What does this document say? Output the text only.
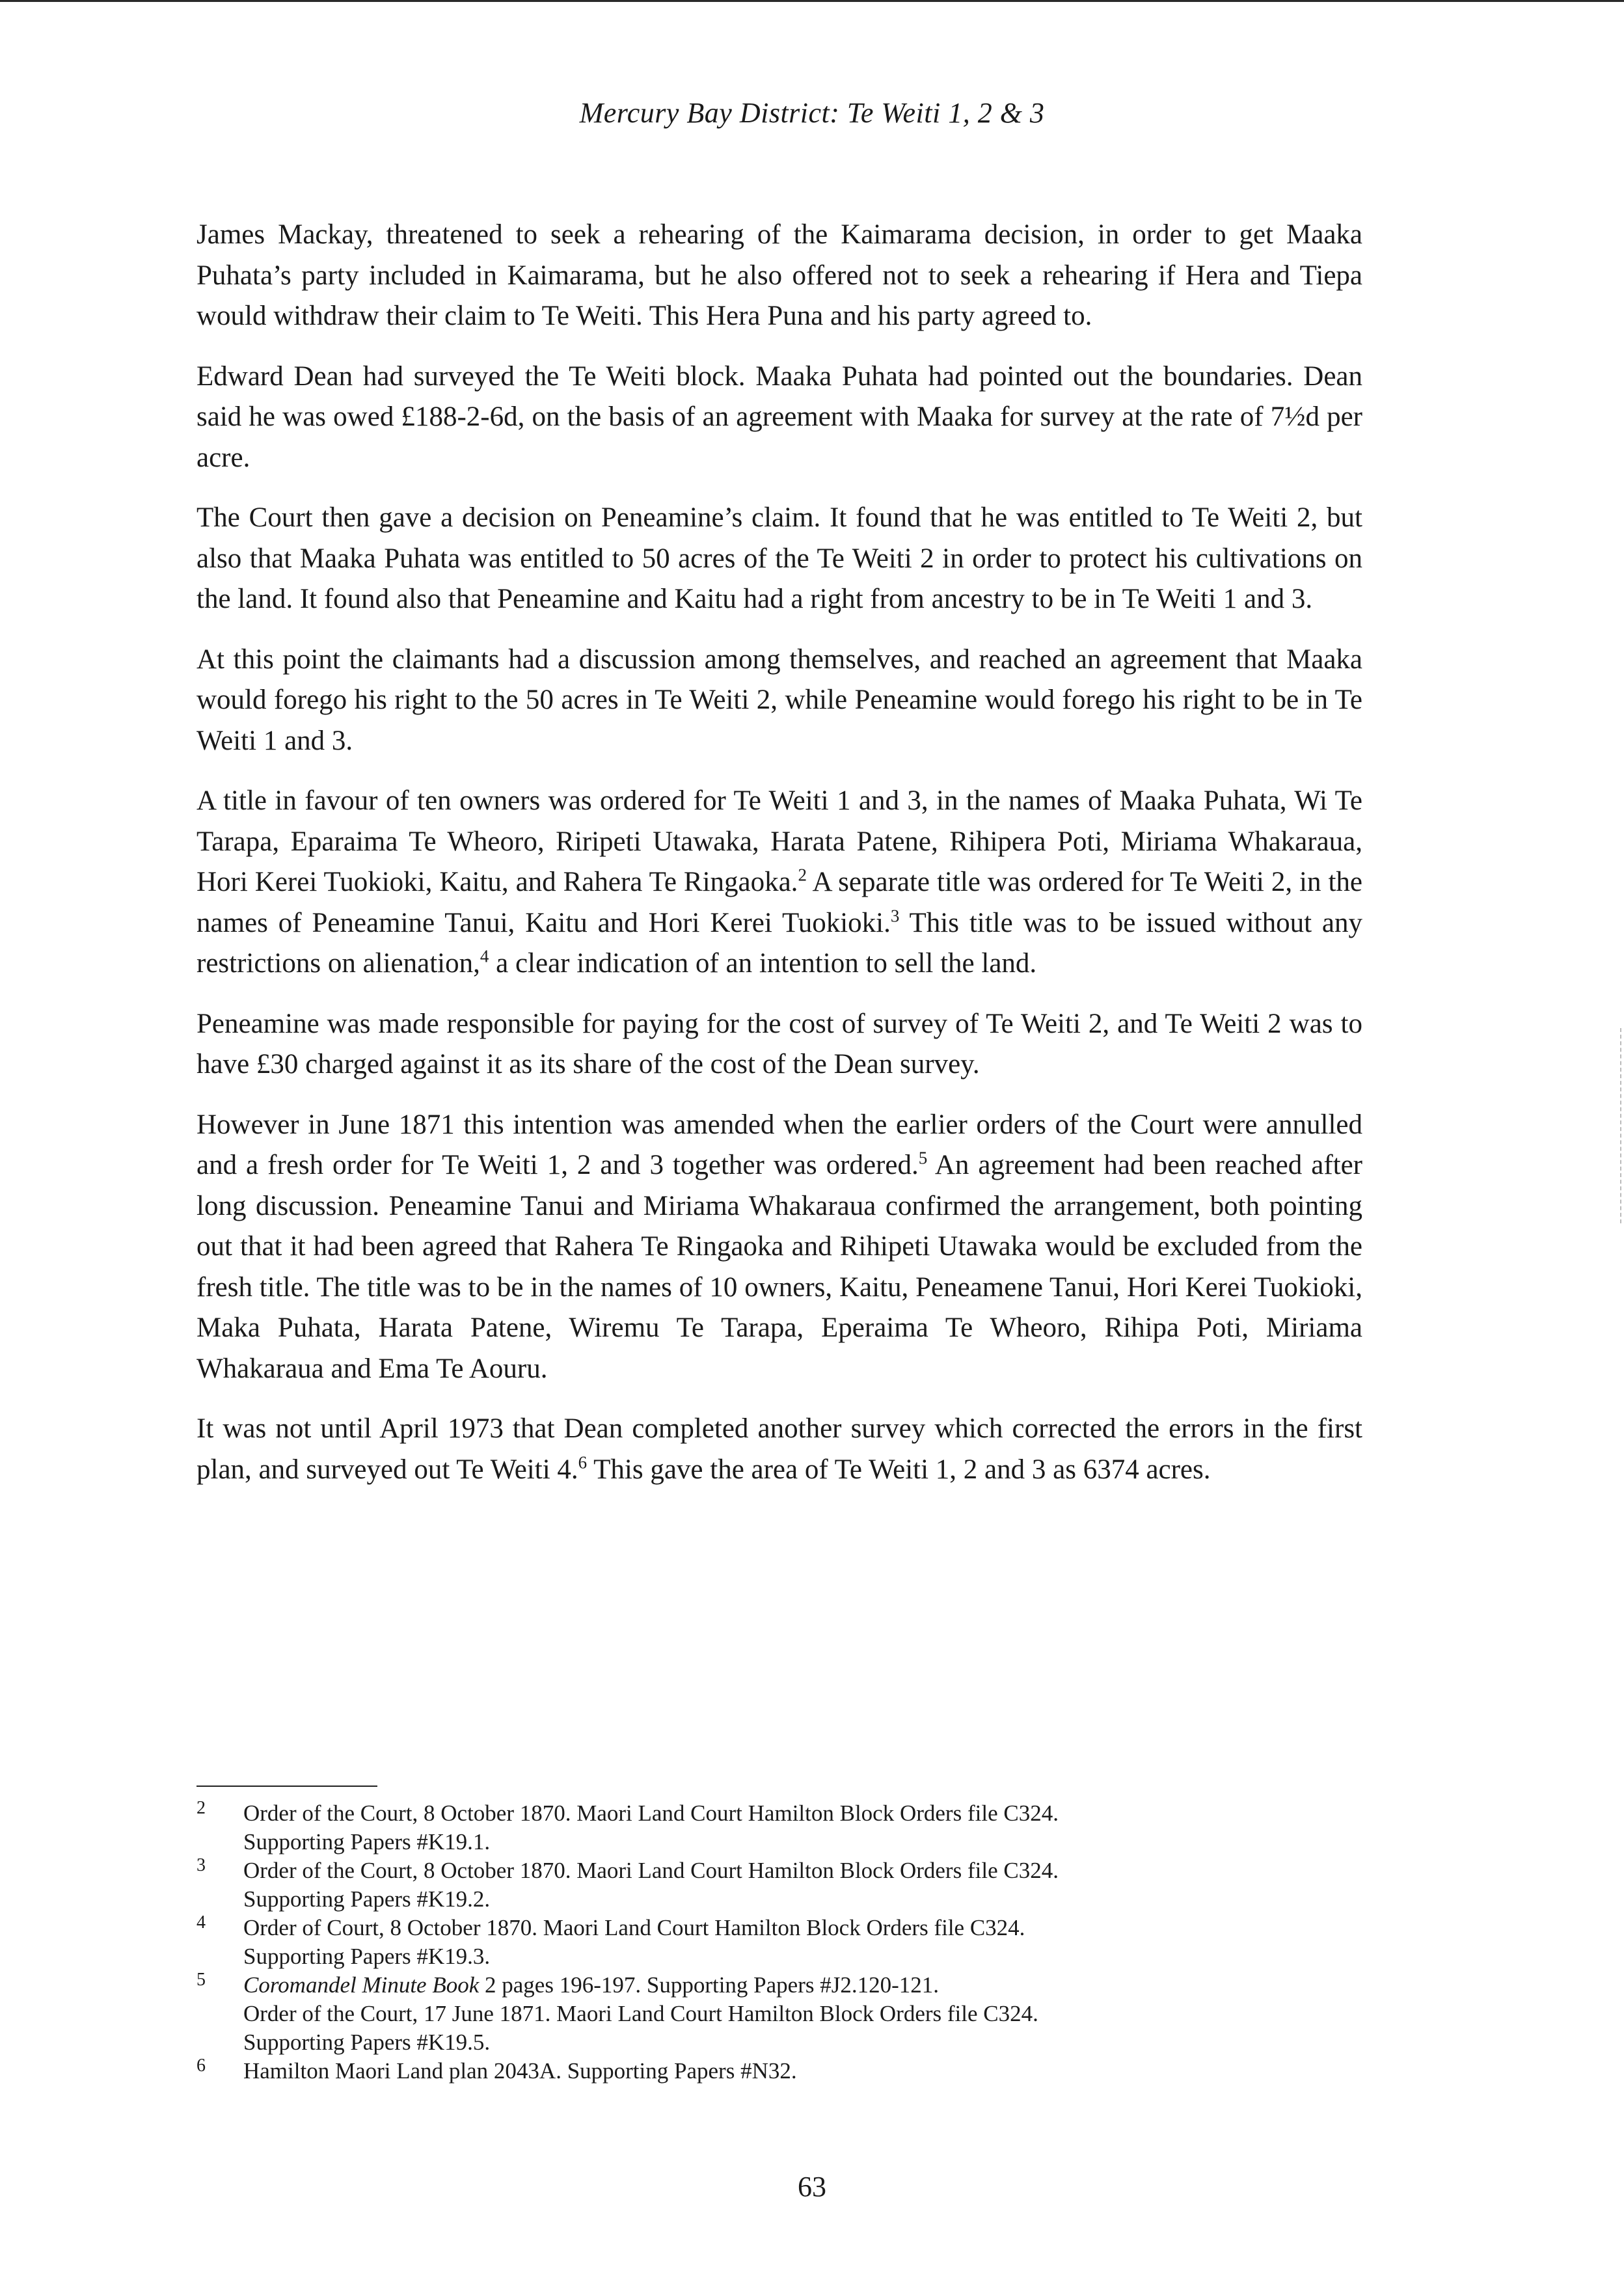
Mercury Bay District: Te Weiti 1, 2 & 3

James Mackay, threatened to seek a rehearing of the Kaimarama decision, in order to get Maaka Puhata’s party included in Kaimarama, but he also offered not to seek a rehearing if Hera and Tiepa would withdraw their claim to Te Weiti. This Hera Puna and his party agreed to.

Edward Dean had surveyed the Te Weiti block. Maaka Puhata had pointed out the boundaries. Dean said he was owed £188-2-6d, on the basis of an agreement with Maaka for survey at the rate of 7½d per acre.

The Court then gave a decision on Peneamine’s claim. It found that he was entitled to Te Weiti 2, but also that Maaka Puhata was entitled to 50 acres of the Te Weiti 2 in order to protect his cultivations on the land. It found also that Peneamine and Kaitu had a right from ancestry to be in Te Weiti 1 and 3.

At this point the claimants had a discussion among themselves, and reached an agreement that Maaka would forego his right to the 50 acres in Te Weiti 2, while Peneamine would forego his right to be in Te Weiti 1 and 3.

A title in favour of ten owners was ordered for Te Weiti 1 and 3, in the names of Maaka Puhata, Wi Te Tarapa, Eparaima Te Wheoro, Riripeti Utawaka, Harata Patene, Rihipera Poti, Miriama Whakaraua, Hori Kerei Tuokioki, Kaitu, and Rahera Te Ringaoka.$^2$ A separate title was ordered for Te Weiti 2, in the names of Peneamine Tanui, Kaitu and Hori Kerei Tuokioki.$^3$ This title was to be issued without any restrictions on alienation,$^4$ a clear indication of an intention to sell the land.

Peneamine was made responsible for paying for the cost of survey of Te Weiti 2, and Te Weiti 2 was to have £30 charged against it as its share of the cost of the Dean survey.

However in June 1871 this intention was amended when the earlier orders of the Court were annulled and a fresh order for Te Weiti 1, 2 and 3 together was ordered.$^5$ An agreement had been reached after long discussion. Peneamine Tanui and Miriama Whakaraua confirmed the arrangement, both pointing out that it had been agreed that Rahera Te Ringaoka and Rihipeti Utawaka would be excluded from the fresh title. The title was to be in the names of 10 owners, Kaitu, Peneamene Tanui, Hori Kerei Tuokioki, Maka Puhata, Harata Patene, Wiremu Te Tarapa, Eperaima Te Wheoro, Rihipa Poti, Miriama Whakaraua and Ema Te Aouru.

It was not until April 1973 that Dean completed another survey which corrected the errors in the first plan, and surveyed out Te Weiti 4.$^6$ This gave the area of Te Weiti 1, 2 and 3 as 6374 acres.

2 Order of the Court, 8 October 1870. Maori Land Court Hamilton Block Orders file C324.
Supporting Papers #K19.1.
3 Order of the Court, 8 October 1870. Maori Land Court Hamilton Block Orders file C324.
Supporting Papers #K19.2.
4 Order of Court, 8 October 1870. Maori Land Court Hamilton Block Orders file C324.
Supporting Papers #K19.3.
5 Coromandel Minute Book 2 pages 196-197. Supporting Papers #J2.120-121.
Order of the Court, 17 June 1871. Maori Land Court Hamilton Block Orders file C324.
Supporting Papers #K19.5.
6 Hamilton Maori Land plan 2043A. Supporting Papers #N32.
63
